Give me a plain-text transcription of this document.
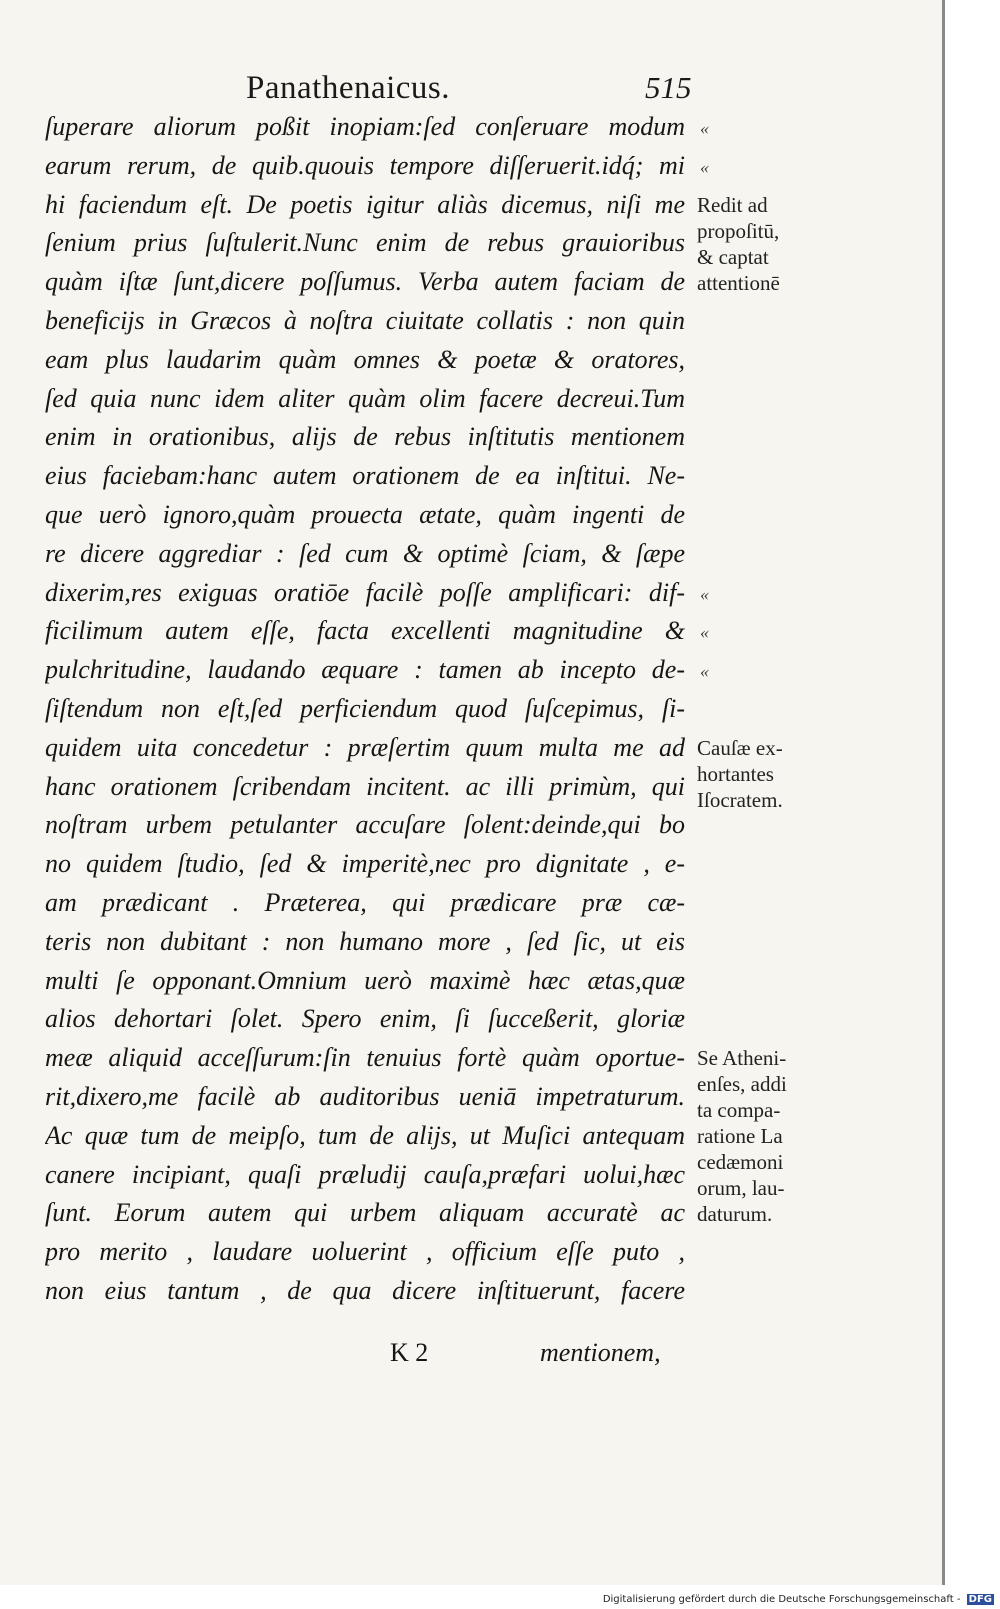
Panathenaicus.	515
ſuperare aliorum poßit inopiam:ſed conſeruare modum
earum rerum, de quib.quouis tempore diſſeruerit.idq́; mi
hi faciendum eſt. De poetis igitur aliàs dicemus, niſi me
ſenium prius ſuſtulerit.Nunc enim de rebus grauioribus
quàm iſtæ ſunt,dicere poſſumus. Verba autem faciam de
beneficijs in Græcos à noſtra ciuitate collatis : non quin
eam plus laudarim quàm omnes & poetæ & oratores,
ſed quia nunc idem aliter quàm olim facere decreui.Tum
enim in orationibus, alijs de rebus inſtitutis mentionem
eius faciebam:hanc autem orationem de ea inſtitui. Ne-
que uerò ignoro,quàm prouecta ætate, quàm ingenti de
re dicere aggrediar : ſed cum & optimè ſciam, & ſæpe
dixerim,res exiguas oratiōe facilè poſſe amplificari: dif-
ficilimum autem eſſe, facta excellenti magnitudine &
pulchritudine, laudando æquare : tamen ab incepto de-
ſiſtendum non eſt,ſed perficiendum quod ſuſcepimus, ſi-
quidem uita concedetur : præſertim quum multa me ad
hanc orationem ſcribendam incitent. ac illi primùm, qui
noſtram urbem petulanter accuſare ſolent:deinde,qui bo
no quidem ſtudio, ſed & imperitè,nec pro dignitate , e-
am prædicant . Præterea, qui prædicare præ cæ-
teris non dubitant : non humano more , ſed ſic, ut eis
multi ſe opponant.Omnium uerò maximè hæc ætas,quæ
alios dehortari ſolet. Spero enim, ſi ſucceßerit, gloriæ
meæ aliquid acceſſurum:ſin tenuius fortè quàm oportue-
rit,dixero,me facilè ab auditoribus ueniā impetraturum.
Ac quæ tum de meipſo, tum de alijs, ut Muſici antequam
canere incipiant, quaſi præludij cauſa,præfari uolui,hæc
ſunt. Eorum autem qui urbem aliquam accuratè ac
pro merito , laudare uoluerint , officium eſſe puto ,
non eius tantum , de qua dicere inſtituerunt, facere
«
«
«
«
«
Redit ad
propoſitū,
& captat
attentionē
Cauſæ ex-
hortantes
Iſocratem.
Se Atheni-
enſes, addi
ta compa-
ratione La
cedæmoni
orum, lau-
daturum.
K 2	mentionem,
Digitalisierung gefördert durch die Deutsche Forschungsgemeinschaft - DFG
